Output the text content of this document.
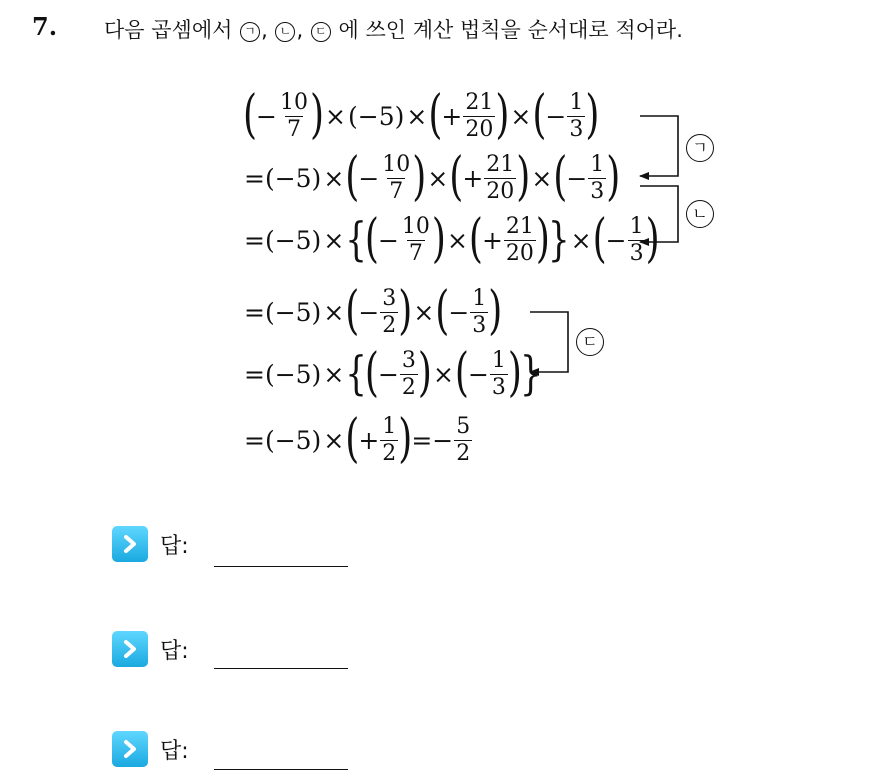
7. 다음 곱셈에서 ㄱ , ㄴ , ㄷ 에 쓰인 계산 법칙을 순서대로 적어라.
( − $\frac{10}{7}$ ) × (−5) × ( + $\frac{21}{20}$ ) × ( − $\frac{1}{3}$ )
= (−5) × ( − $\frac{10}{7}$ ) × ( + $\frac{21}{20}$ ) × ( − $\frac{1}{3}$ )
= (−5) × {
( − $\frac{10}{7}$ ) × ( + $\frac{21}{20}$ )
} × ( − $\frac{1}{3}$ )
= (−5) × ( − $\frac{3}{2}$ ) × ( − $\frac{1}{3}$ )
= (−5) × {
( − $\frac{3}{2}$ ) × ( − $\frac{1}{3}$ )
}
= (−5) × ( + $\frac{1}{2}$ ) = − $\frac{5}{2}$
ㄱ
ㄴ
ㄷ
답:
답:
답:
